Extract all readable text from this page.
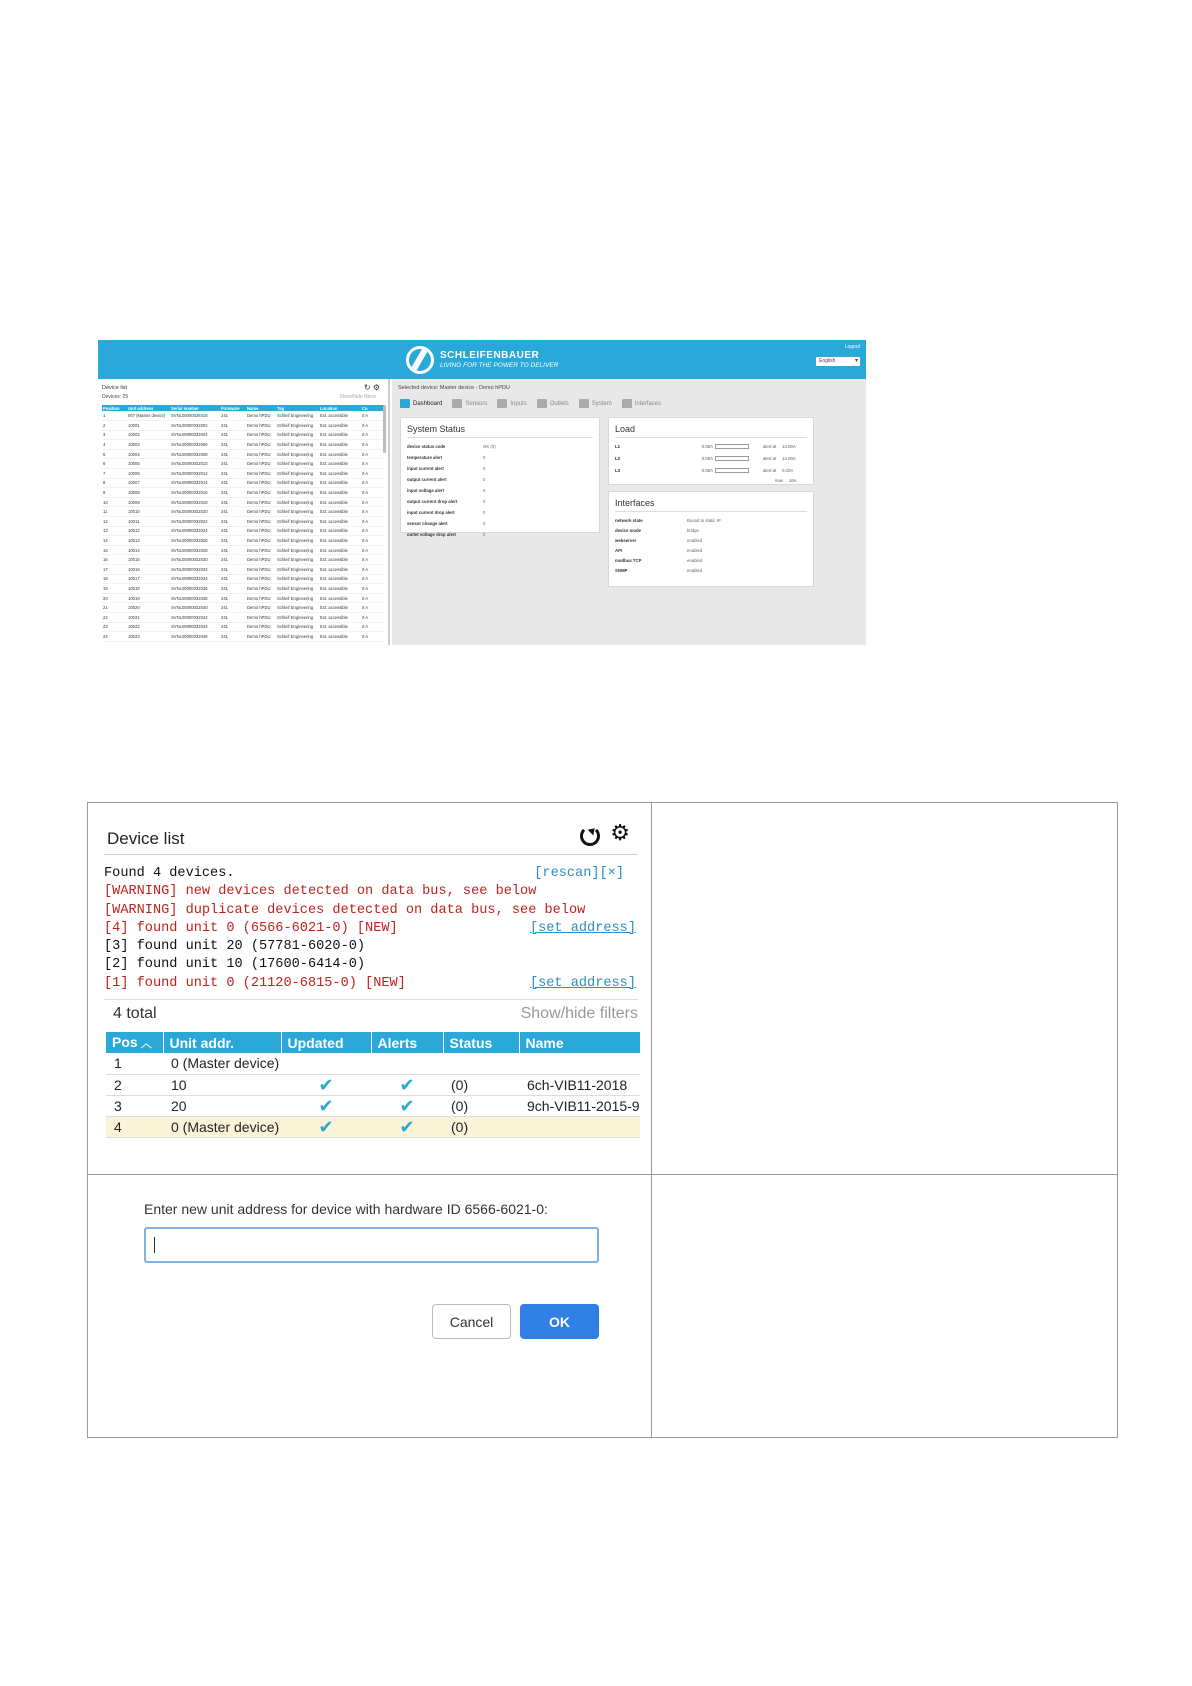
SCHLEIFENBAUER
LIVING FOR THE POWER TO DELIVER
Logout
English ▾
Device list	↻ ⚙
Devices: 25	Show/hide filters
Position	Unit address	Serial number	Firmware	Name	Tag	Location	Cu
1	007 (Master device)	SVNL00000026416	241	Demo hPDU	Schleif Engineering	Ext. accessible	0 A
2	10001	SVNL00000032002	241	Demo hPDU	Schleif Engineering	Ext. accessible	0 A
3	10002	SVNL00000032004	241	Demo hPDU	Schleif Engineering	Ext. accessible	0 A
4	10003	SVNL00000032006	241	Demo hPDU	Schleif Engineering	Ext. accessible	0 A
5	10004	SVNL00000032008	241	Demo hPDU	Schleif Engineering	Ext. accessible	0 A
6	10005	SVNL00000032010	241	Demo hPDU	Schleif Engineering	Ext. accessible	0 A
7	10006	SVNL00000032012	241	Demo hPDU	Schleif Engineering	Ext. accessible	0 A
8	10007	SVNL00000032014	241	Demo hPDU	Schleif Engineering	Ext. accessible	0 A
9	10008	SVNL00000032016	241	Demo hPDU	Schleif Engineering	Ext. accessible	0 A
10	10009	SVNL00000032018	241	Demo hPDU	Schleif Engineering	Ext. accessible	0 A
11	10010	SVNL00000032020	241	Demo hPDU	Schleif Engineering	Ext. accessible	0 A
12	10011	SVNL00000032022	241	Demo hPDU	Schleif Engineering	Ext. accessible	0 A
13	10012	SVNL00000032024	241	Demo hPDU	Schleif Engineering	Ext. accessible	0 A
14	10013	SVNL00000032026	241	Demo hPDU	Schleif Engineering	Ext. accessible	0 A
15	10014	SVNL00000032028	241	Demo hPDU	Schleif Engineering	Ext. accessible	0 A
16	10015	SVNL00000032030	241	Demo hPDU	Schleif Engineering	Ext. accessible	0 A
17	10016	SVNL00000032032	241	Demo hPDU	Schleif Engineering	Ext. accessible	0 A
18	10017	SVNL00000032034	241	Demo hPDU	Schleif Engineering	Ext. accessible	0 A
19	10018	SVNL00000032036	241	Demo hPDU	Schleif Engineering	Ext. accessible	0 A
20	10019	SVNL00000032038	241	Demo hPDU	Schleif Engineering	Ext. accessible	0 A
21	10020	SVNL00000032040	241	Demo hPDU	Schleif Engineering	Ext. accessible	0 A
22	10021	SVNL00000032042	241	Demo hPDU	Schleif Engineering	Ext. accessible	0 A
23	10022	SVNL00000032044	241	Demo hPDU	Schleif Engineering	Ext. accessible	0 A
24	10023	SVNL00000032046	241	Demo hPDU	Schleif Engineering	Ext. accessible	0 A
Selected device: Master device - Demo hPDU
Dashboard	Sensors	Inputs	Outlets	System	Interfaces
System Status
device status code	OK (0)
temperature alert	0
input current alert	0
output current alert	0
input voltage alert	0
output current drop alert	0
input current drop alert	0
sensor change alert	0
outlet voltage drop alert	0
Load
L1	0.00A	alert at 14.00A
L2	0.00A	alert at 14.00A
L3	0.00A	alert at 0.10A
max 16A
Interfaces
network state	Bound to static IP
device mode	bridge
webserver	enabled
API	enabled
modbus TCP	enabled
SNMP	enabled
Device list	⚙
Found 4 devices.	[rescan][×]
[WARNING] new devices detected on data bus, see below
[WARNING] duplicate devices detected on data bus, see below
[4] found unit 0 (6566-6021-0) [NEW]	[set address]
[3] found unit 20 (57781-6020-0)
[2] found unit 10 (17600-6414-0)
[1] found unit 0 (21120-6815-0) [NEW]	[set address]
4 total	Show/hide filters
Pos ︿	Unit addr.	Updated	Alerts	Status	Name
1	0 (Master device)				
2	10	✔	✔	(0)	6ch-VIB11-2018
3	20	✔	✔	(0)	9ch-VIB11-2015-9
4	0 (Master device)	✔	✔	(0)	
Enter new unit address for device with hardware ID 6566-6021-0:
Cancel	OK
